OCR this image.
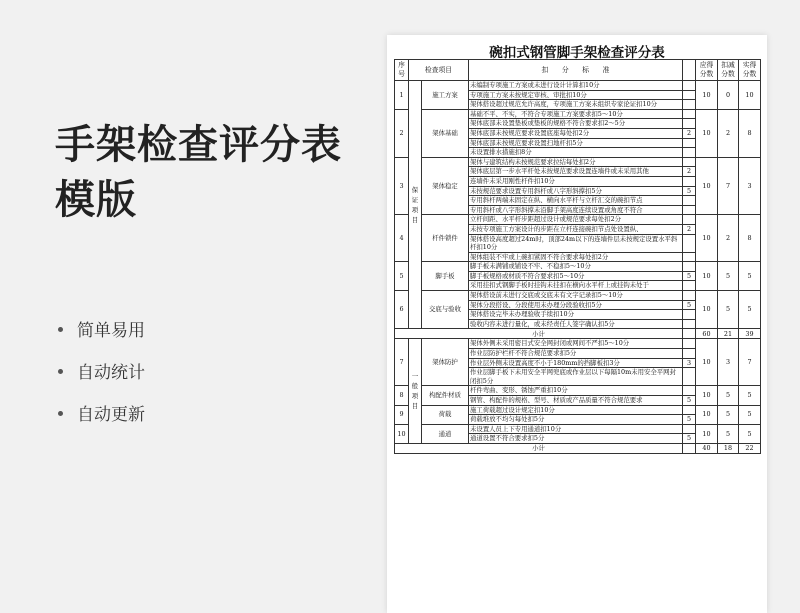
手架检查评分表模版
简单易用
自动统计
自动更新
碗扣式钢管脚手架检查评分表
序号	检查项目		扣　　分　　标　　准		应得分数	扣减分数	实得分数
1	保证项目	施工方案	未编制专项施工方案或未进行设计计算扣10分		10	0	10
			专项施工方案未按规定审核、审批扣10分				
			架体搭设超过规范允许高度，专项施工方案未组织专家论证扣10分				
2		架体基础	基础不平、不实，不符合专项施工方案要求扣5～10分		10	2	8
			架体底部未设置垫板或垫板的规格不符合要求扣2～5分				
			架体底部未按规范要求设置底座每处扣2分	2			
			架体底部未按规范要求设置扫地杆扣5分				
			未设置排水措施扣8分				
3		架体稳定	架体与建筑结构未按规范要求拉结每处扣2分		10	7	3
			架体底层第一步水平杆处未按规范要求设置连墙件或未采用其他	2			
			连墙件未采用刚性杆件扣10分				
			未按规范要求设置专用斜杆或八字形斜撑扣5分	5			
			专用斜杆两端未固定在纵、横向水平杆与立杆汇交的碗扣节点				
			专用斜杆或八字形斜撑未沿脚手架高度连续设置或角度不符合				
4		杆件锁件	立杆间距、水平杆步距超过设计或规范要求每处扣2分		10	2	8
			未按专项施工方案设计的步距在立杆连接碗扣节点处设置纵、	2			
			架体搭设高度超过24m时，顶部24m以下的连墙件层未按规定设置水平斜杆扣10分				
			架体组装不牢或上碗扣紧固不符合要求每处扣2分				
5		脚手板	脚手板未满铺或铺设不牢、不稳扣5～10分		10	5	5
			脚手板规格或材质不符合要求扣5～10分	5			
			采用挂扣式钢脚手板时挂钩未挂扣在横向水平杆上或挂钩未处于				
6		交底与验收	架体搭设前未进行交底或交底未有文字记录扣5～10分		10	5	5
			架体分段搭设、分段使用未办理分段验收扣5分	5			
			架体搭设完毕未办理验收手续扣10分				
			验收内容未进行量化，或未经责任人签字确认扣5分				
小计					60	21	39
7	一般项目	架体防护	架体外侧未采用密目式安全网封闭或网间不严扣5～10分		10	3	7
			作业层防护栏杆不符合规范要求扣5分				
			作业层外侧未设置高度不小于180mm的挡脚板扣3分	3			
			作业层脚手板下未用安全平网兜底或作业层以下每隔10m未用安全平网封闭扣5分				
8		构配件材质	杆件弯曲、变形、锈蚀严重扣10分		10	5	5
			钢管、构配件的规格、型号、材质或产品质量不符合规范要求	5			
9		荷载	施工荷载超过设计规定扣10分		10	5	5
			荷载堆放不均匀每处扣5分	5			
10		通道	未设置人员上下专用通道扣10分		10	5	5
			通道设置不符合要求扣5分	5			
小计					40	18	22
